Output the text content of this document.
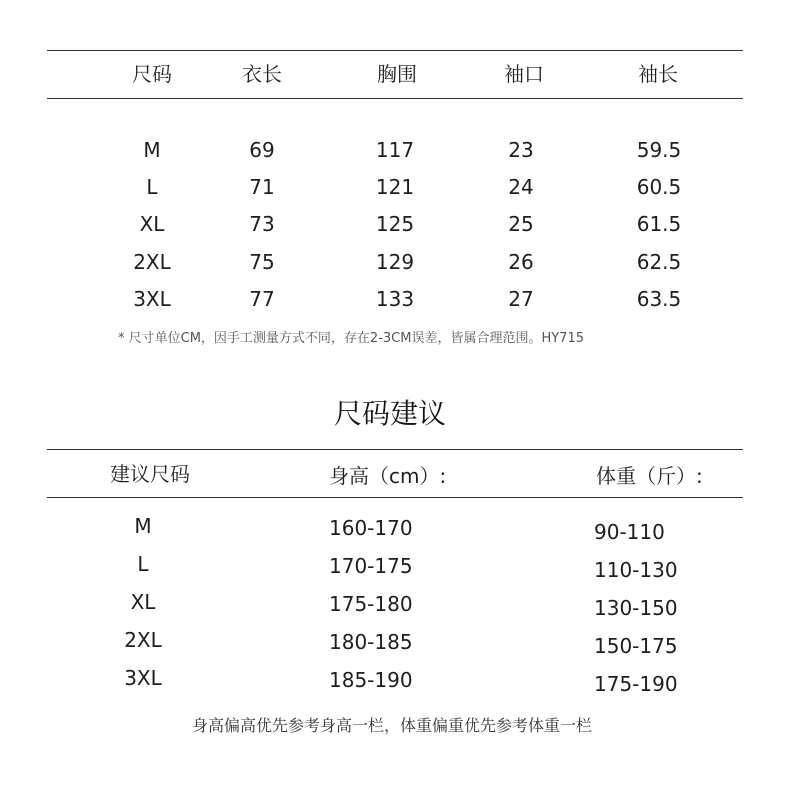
尺码	衣长	胸围	袖口	袖长
M	69	117	23	59.5
L	71	121	24	60.5
XL	73	125	25	61.5
2XL	75	129	26	62.5
3XL	77	133	27	63.5
* 尺寸单位CM，因手工测量方式不同，存在2-3CM误差，皆属合理范围。HY715
尺码建议
建议尺码	身高（cm）:	体重（斤）:
M	160-170	90-110
L	170-175	110-130
XL	175-180	130-150
2XL	180-185	150-175
3XL	185-190	175-190
身高偏高优先参考身高一栏，体重偏重优先参考体重一栏
